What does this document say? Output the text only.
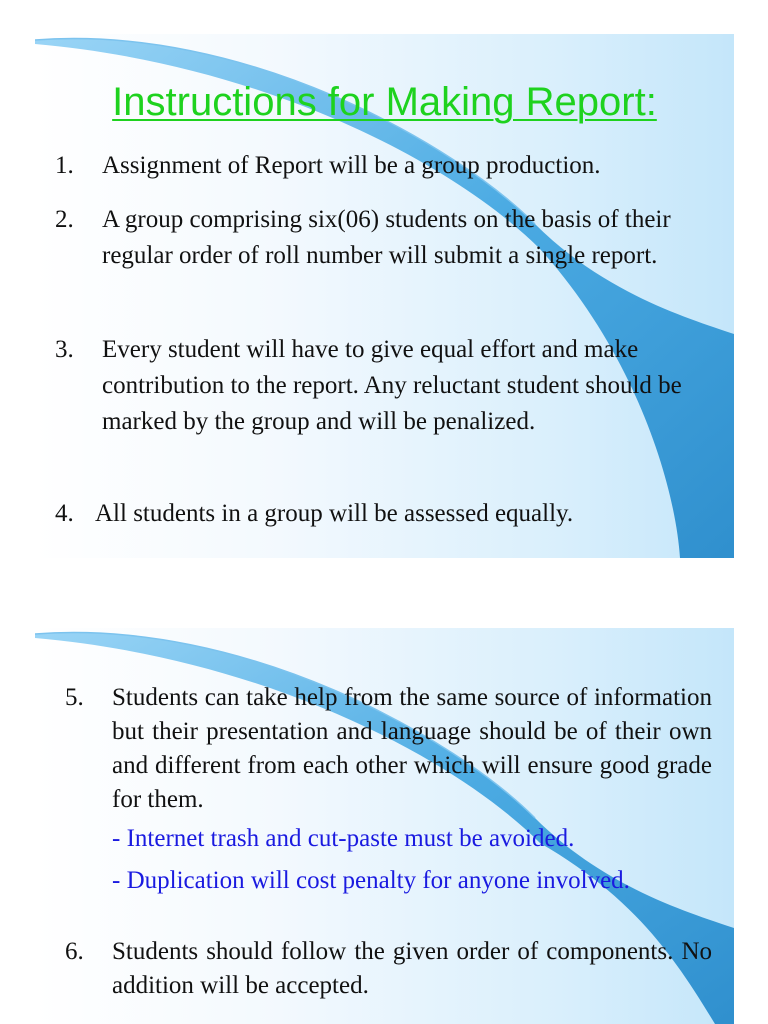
Instructions for Making Report:
1. Assignment of Report will be a group production.
2. A group comprising six(06) students on the basis of their regular order of roll number will submit a single report.
3. Every student will have to give equal effort and make contribution to the report. Any reluctant student should be marked by the group and will be penalized.
4. All students in a group will be assessed equally.
5. Students can take help from the same source of information but their presentation and language should be of their own and different from each other which will ensure good grade for them.
- Internet trash and cut-paste must be avoided.
- Duplication will cost penalty for anyone involved.
6. Students should follow the given order of components. No addition will be accepted.
